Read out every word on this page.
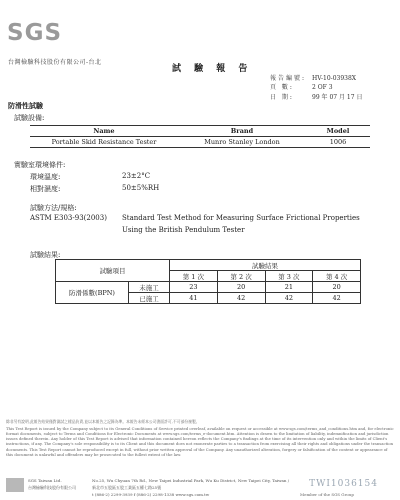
SGS
台灣檢驗科技股份有限公司-台北
試 驗 報 告
報告編號: HV-10-03938X
頁 數:	2 OF 3
日 期:	99 年 07 月 17 日
防滑性試驗
試驗設備:
Name	Brand	Model
Portable Skid Resistance Tester	Munro Stanley London	1006
實驗室環境條件:
環境溫度:	23±2°C
相對濕度:	50±5%RH
試驗方法/規格:
ASTM E303-93(2003) Standard Test Method for Measuring Surface Frictional Properties
Using the British Pendulum Tester
試驗結果:
試驗項目		試驗結果			
		第 1 次	第 2 次	第 3 次	第 4 次
防滑係數(BPN)	未施工	23	20	21	20
	已施工	41	42	42	42
除非另有說明,此報告結果僅對測試之樣品負責,並以本報告之記錄為準。本報告未經本公司書面許可,不可部份複製。
This Test Report is issued by the Company subject to its General Conditions of Service printed overleaf, available on request or accessible at www.sgs.com/terms_and_conditions.htm and, for electronic format documents, subject to Terms and Conditions for Electronic Documents at www.sgs.com/terms_e-document.htm. Attention is drawn to the limitation of liability, indemnification and jurisdiction issues defined therein. Any holder of this Test Report is advised that information contained hereon reflects the Company's findings at the time of its intervention only and within the limits of Client's instructions, if any. The Company's sole responsibility is to its Client and this document does not exonerate parties to a transaction from exercising all their rights and obligations under the transaction documents. This Test Report cannot be reproduced except in full, without prior written approval of the Company. Any unauthorized alteration, forgery or falsification of the content or appearance of this document is unlawful and offenders may be prosecuted to the fullest extent of the law.
TWI1036154
SGS Taiwan Ltd.
台灣檢驗科技股份有限公司
No.25, Wu Chyuan 7th Rd., New Taipei Industrial Park, Wu Ku District, New Taipei City, Taiwan /
新北市五股區五股工業區五權七路25號
t (886-2) 2299-3939 f (886-2) 2298-1338 www.sgs.com.tw	Member of the SGS Group
